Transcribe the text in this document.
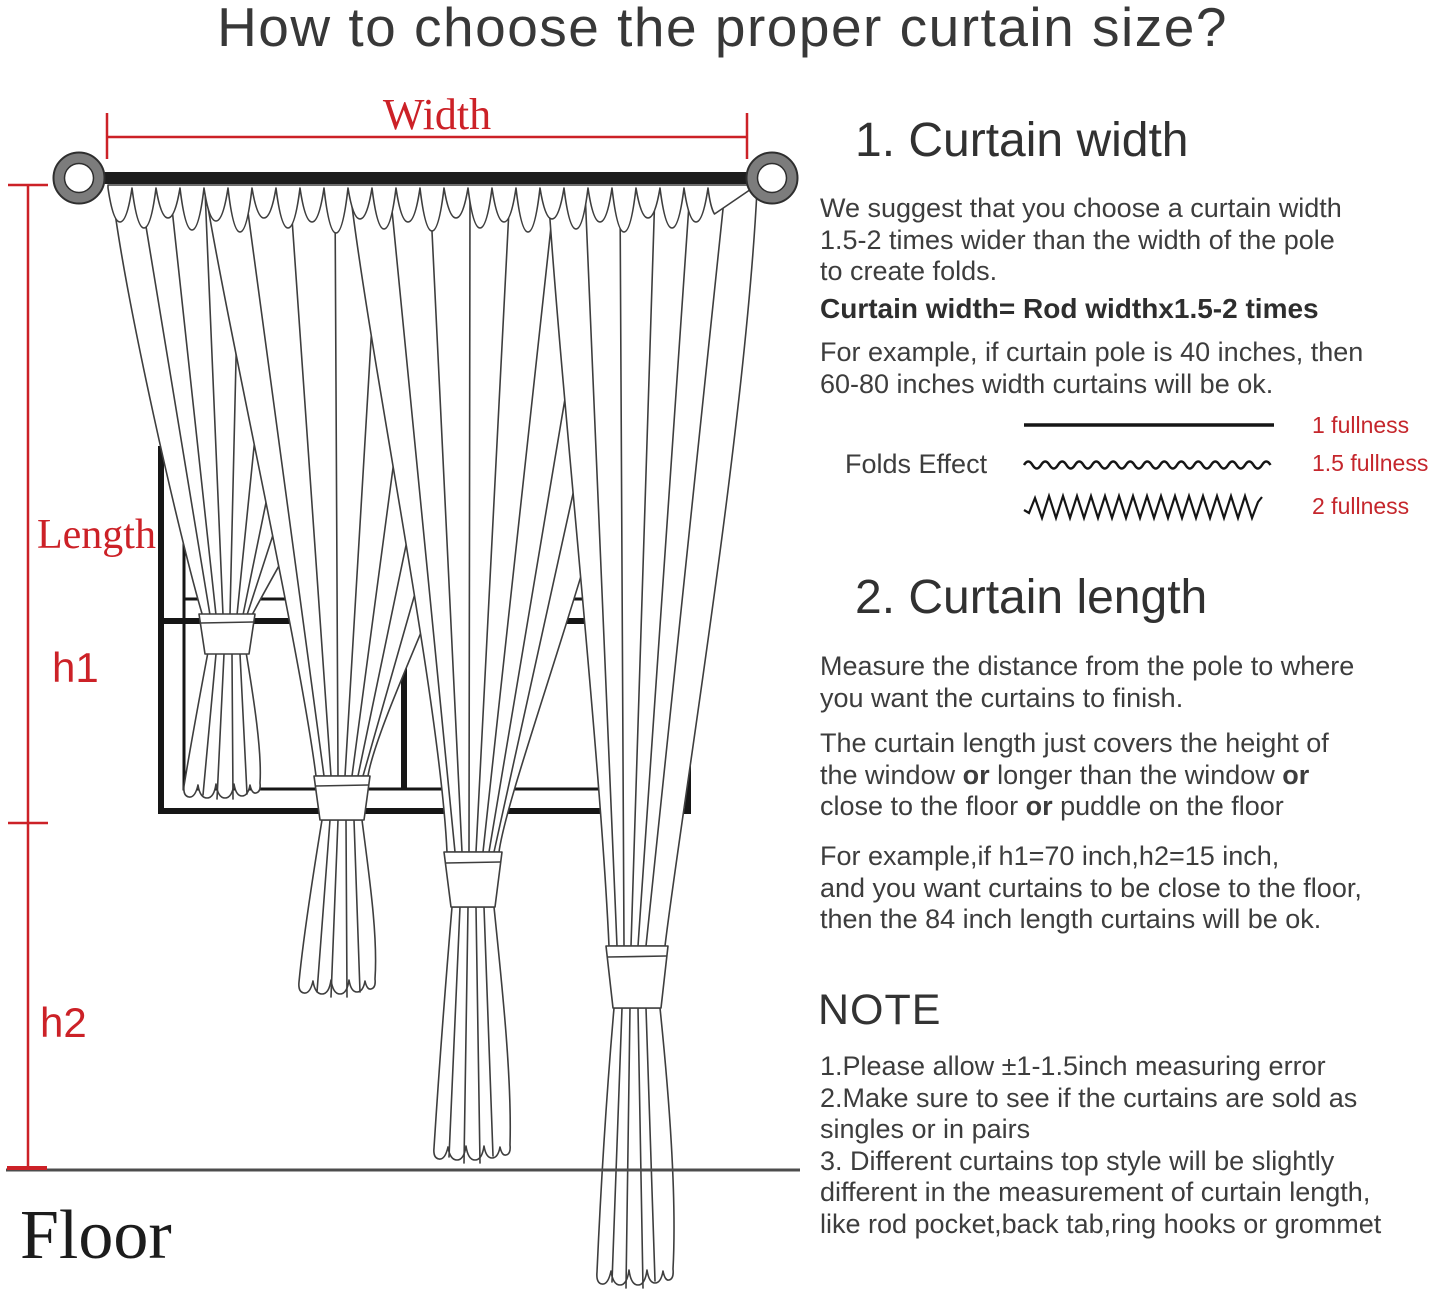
How to choose the proper curtain size?
Width
Length
h1
h2
Floor
1. Curtain width
We suggest that you choose a curtain width
1.5-2 times wider than the width of the pole
to create folds.
Curtain width= Rod widthx1.5-2 times
For example, if curtain pole is 40 inches, then
60-80 inches width curtains will be ok.
Folds Effect
1 fullness
1.5 fullness
2 fullness
2. Curtain length
Measure the distance from the pole to where
you want the curtains to finish.
The curtain length just covers the height of
the window or longer than the window or
close to the floor or puddle on the floor
For example,if h1=70 inch,h2=15 inch,
and you want curtains to be close to the floor,
then the 84 inch length curtains will be ok.
NOTE
1.Please allow ±1-1.5inch measuring error
2.Make sure to see if the curtains are sold as
singles or in pairs
3. Different curtains top style will be slightly
different in the measurement of curtain length,
like rod pocket,back tab,ring hooks or grommet
